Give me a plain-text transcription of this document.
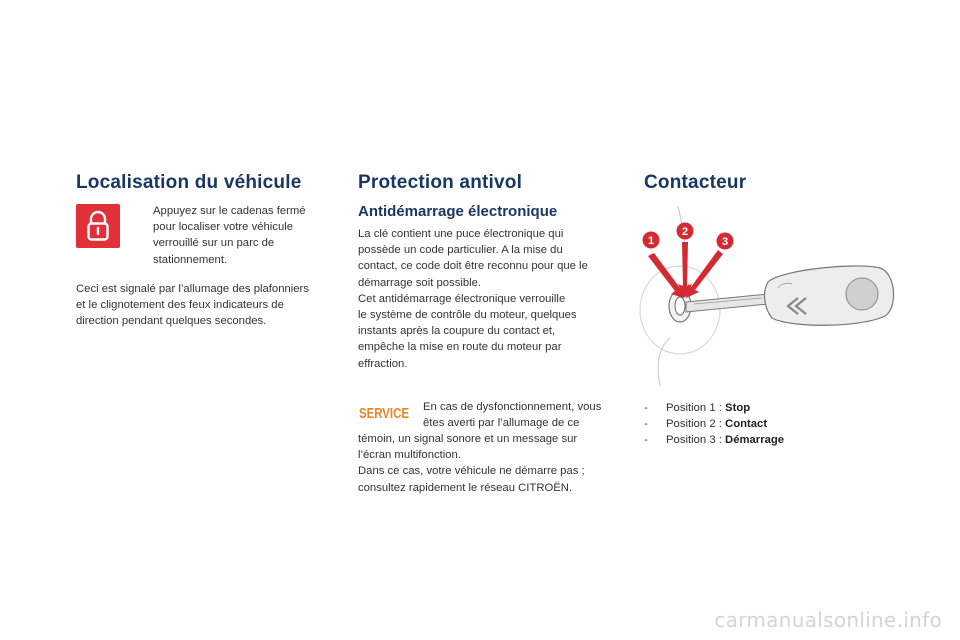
Localisation du véhicule
Appuyez sur le cadenas fermé
pour localiser votre véhicule
verrouillé sur un parc de
stationnement.
Ceci est signalé par l’allumage des plafonniers
et le clignotement des feux indicateurs de
direction pendant quelques secondes.
Protection antivol
Antidémarrage électronique
La clé contient une puce électronique qui
possède un code particulier. A la mise du
contact, ce code doit être reconnu pour que le
démarrage soit possible.
Cet antidémarrage électronique verrouille
le système de contrôle du moteur, quelques
instants après la coupure du contact et,
empêche la mise en route du moteur par
effraction.
SERVICE En cas de dysfonctionnement, vous
êtes averti par l’allumage de ce
témoin, un signal sonore et un message sur
l’écran multifonction.
Dans ce cas, votre véhicule ne démarre pas ;
consultez rapidement le réseau CITROËN.
Contacteur
1
2
3
- Position 1 : Stop
- Position 2 : Contact
- Position 3 : Démarrage
carmanualsonline.info
